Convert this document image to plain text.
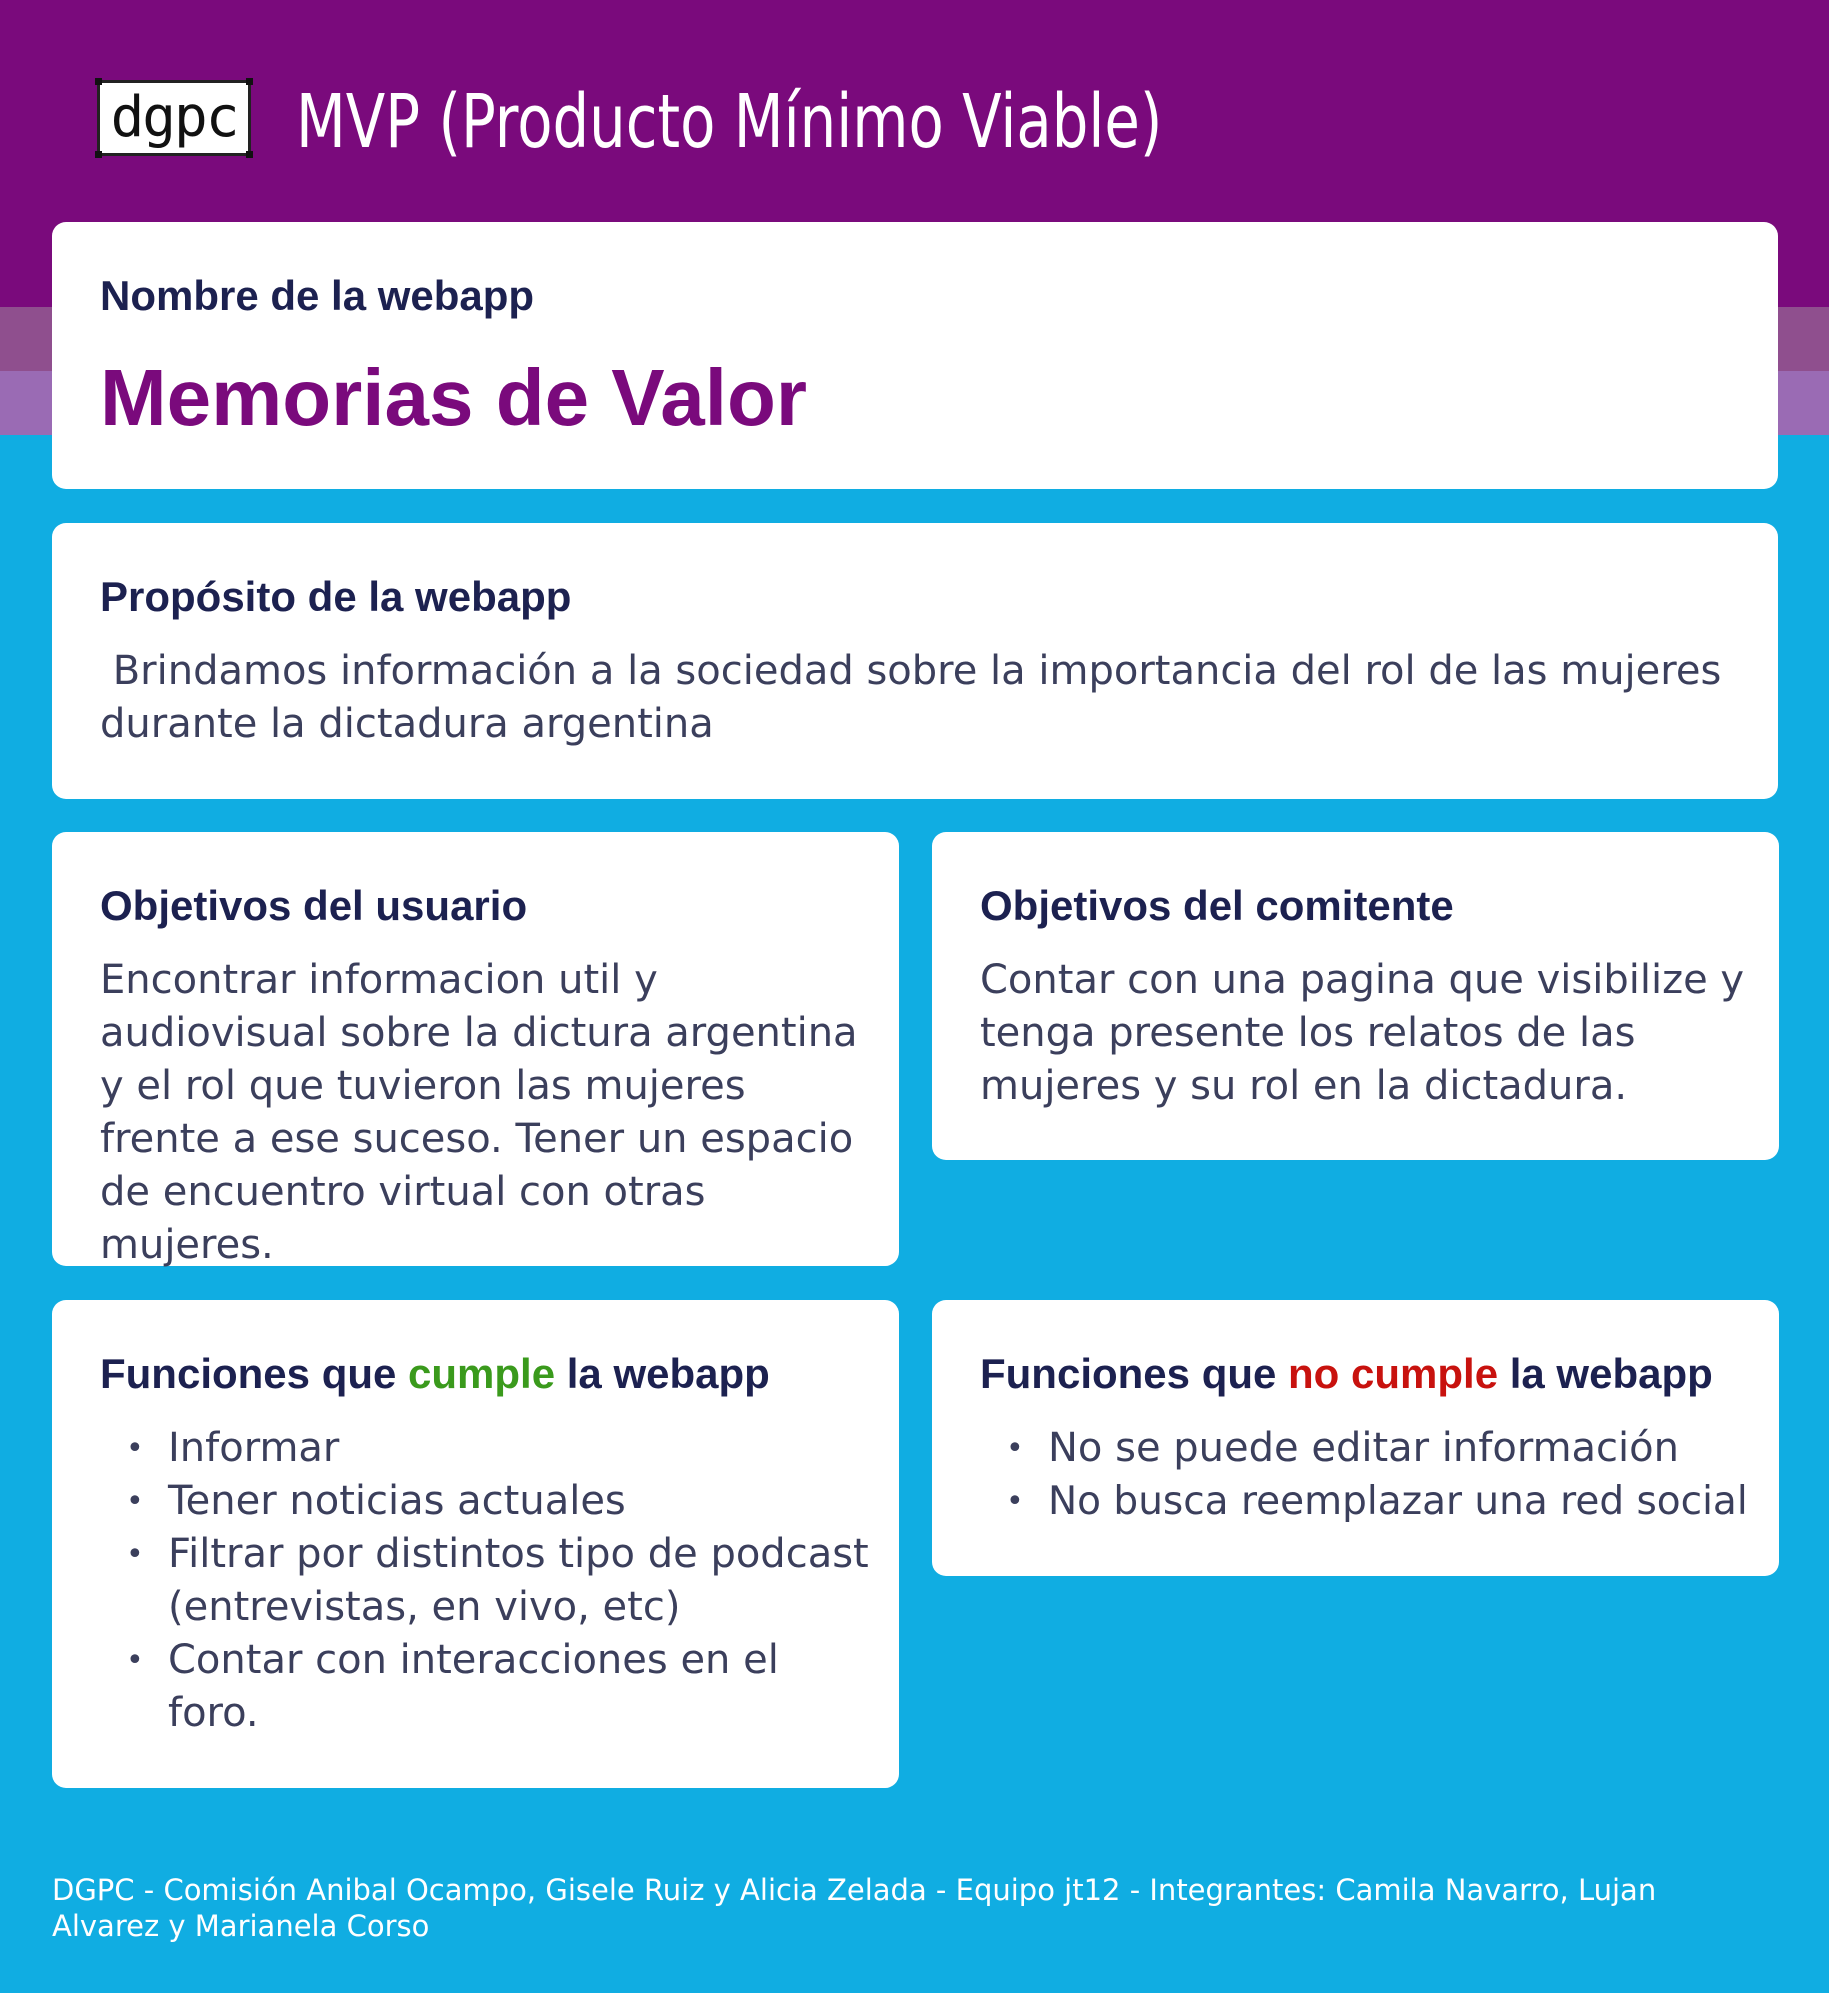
dgpc MVP (Producto Mínimo Viable)
Nombre de la webapp
Memorias de Valor
Propósito de la webapp
Brindamos información a la sociedad sobre la importancia del rol de las mujeres durante la dictadura argentina
Objetivos del usuario
Encontrar informacion util y audiovisual sobre la dictura argentina y el rol que tuvieron las mujeres frente a ese suceso. Tener un espacio de encuentro virtual con otras mujeres.
Objetivos del comitente
Contar con una pagina que visibilize y tenga presente los relatos de las mujeres y su rol en la dictadura.
Funciones que cumple la webapp
• Informar
• Tener noticias actuales
• Filtrar por distintos tipo de podcast (entrevistas, en vivo, etc)
• Contar con interacciones en el foro.
Funciones que no cumple la webapp
• No se puede editar información
• No busca reemplazar una red social
DGPC - Comisión Anibal Ocampo, Gisele Ruiz y Alicia Zelada - Equipo jt12 - Integrantes: Camila Navarro, Lujan Alvarez y Marianela Corso
